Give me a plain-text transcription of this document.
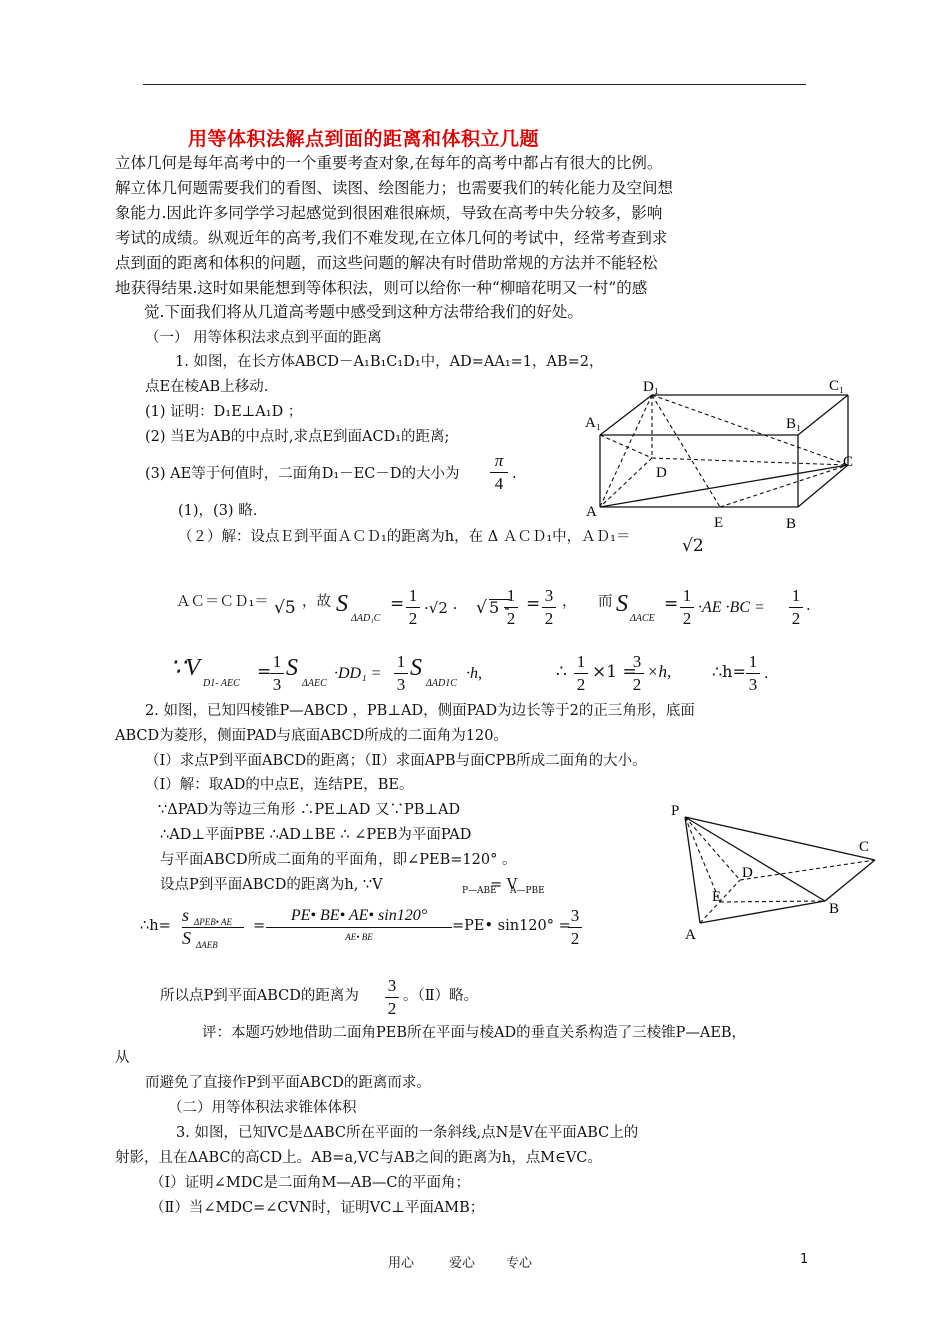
用等体积法解点到面的距离和体积立几题
立体几何是每年高考中的一个重要考查对象,在每年的高考中都占有很大的比例。
解立体几何题需要我们的看图、读图、绘图能力；也需要我们的转化能力及空间想
象能力.因此许多同学学习起感觉到很困难很麻烦，导致在高考中失分较多，影响
考试的成绩。纵观近年的高考,我们不难发现,在立体几何的考试中，经常考查到求
点到面的距离和体积的问题，而这些问题的解决有时借助常规的方法并不能轻松
地获得结果.这时如果能想到等体积法，则可以给你一种“柳暗花明又一村”的感
觉.下面我们将从几道高考题中感受到这种方法带给我们的好处。
（一） 用等体积法求点到平面的距离
1. 如图，在长方体ABCD－A₁B₁C₁D₁中，AD=AA₁=1，AB=2，
点E在棱AB上移动.
(1) 证明：D₁E⊥A₁D ；
(2) 当E为AB的中点时,求点E到面ACD₁的距离;
(3) AE等于何值时，二面角D₁－EC－D的大小为
π
4 .
(1)，(3) 略.
（２）解：设点Ｅ到平面ＡＣＤ₁的距离为h，在 Δ ＡＣＤ₁中，ＡＤ₁＝	√2
ＡＣ＝ＣＤ₁＝ √5 ，故 S
ΔAD₁C
= 1
2
·√2 · √ 5 -
1
2
= 3
2
， 而 S
ΔACE
= 1
2
·AE ·BC =
1
2
.
∵V
D1- AEC
=
1
3
S
ΔAEC
·DD₁ =
1
3
S
ΔAD1C
·h,	∴
1
2
×1 =
3
2
×h,	∴h=
1
3
.
D₁	C₁
A₁	B₁
D
C
A
E	B
2. 如图，已知四棱锥P—ABCD ，PB⊥AD，侧面PAD为边长等于2的正三角形，底面
ABCD为菱形，侧面PAD与底面ABCD所成的二面角为120。
（Ⅰ）求点P到平面ABCD的距离；（Ⅱ）求面APB与面CPB所成二面角的大小。
（Ⅰ）解：取AD的中点E，连结PE，BE。
∵ΔPAD为等边三角形 ∴PE⊥AD 又∵PB⊥AD
∴AD⊥平面PBE ∴AD⊥BE ∴ ∠PEB为平面PAD
与平面ABCD所成二面角的平面角，即∠PEB=120° 。
设点P到平面ABCD的距离为h, ∵V	P—ABE
= V
A—PBE
∴h=
s ΔPEB• AE
S ΔAEB
=
PE• BE• AE• sin120°
AE• BE
=PE• sin120° =
3
2
所以点P到平面ABCD的距离为
3
2
。（Ⅱ）略。
评：本题巧妙地借助二面角PEB所在平面与棱AD的垂直关系构造了三棱锥P—AEB，
从
而避免了直接作P到平面ABCD的距离而求。
P
C
D
E
B
A
（二）用等体积法求锥体体积
3. 如图，已知VC是ΔABC所在平面的一条斜线,点N是V在平面ABC上的
射影，且在ΔABC的高CD上。AB=a,VC与AB之间的距离为h，点M∈VC。
（Ⅰ）证明∠MDC是二面角M—AB—C的平面角；
（Ⅱ）当∠MDC=∠CVN时，证明VC⊥平面AMB；
用心	爱心 专心	1
